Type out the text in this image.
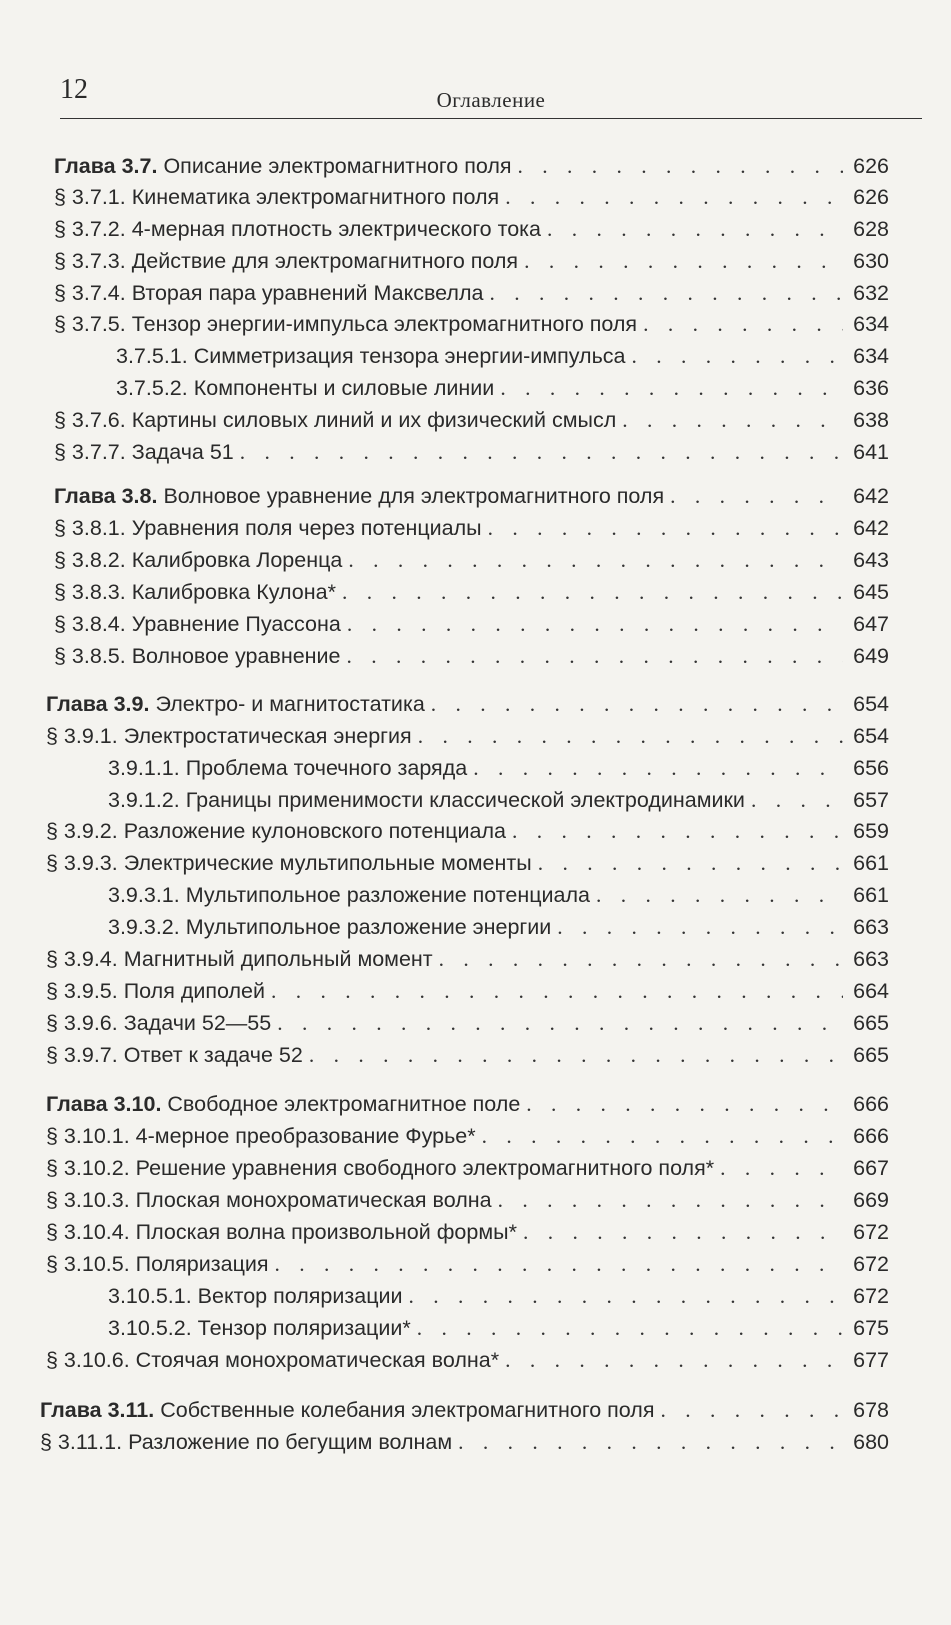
12	Оглавление
Глава 3.7. Описание электромагнитного поля . . .	626
§ 3.7.1. Кинематика электромагнитного поля . . .	626
§ 3.7.2. 4-мерная плотность электрического тока . . .	628
§ 3.7.3. Действие для электромагнитного поля . . .	630
§ 3.7.4. Вторая пара уравнений Максвелла . . .	632
§ 3.7.5. Тензор энергии-импульса электромагнитного поля . . .	634
3.7.5.1. Симметризация тензора энергии-импульса . . .	634
3.7.5.2. Компоненты и силовые линии . . .	636
§ 3.7.6. Картины силовых линий и их физический смысл . . .	638
§ 3.7.7. Задача 51 . . .	641
Глава 3.8. Волновое уравнение для электромагнитного поля . . .	642
§ 3.8.1. Уравнения поля через потенциалы . . .	642
§ 3.8.2. Калибровка Лоренца . . .	643
§ 3.8.3. Калибровка Кулона* . . .	645
§ 3.8.4. Уравнение Пуассона . . .	647
§ 3.8.5. Волновое уравнение . . .	649
Глава 3.9. Электро- и магнитостатика . . .	654
§ 3.9.1. Электростатическая энергия . . .	654
3.9.1.1. Проблема точечного заряда . . .	656
3.9.1.2. Границы применимости классической электродинамики . . .	657
§ 3.9.2. Разложение кулоновского потенциала . . .	659
§ 3.9.3. Электрические мультипольные моменты . . .	661
3.9.3.1. Мультипольное разложение потенциала . . .	661
3.9.3.2. Мультипольное разложение энергии . . .	663
§ 3.9.4. Магнитный дипольный момент . . .	663
§ 3.9.5. Поля диполей . . .	664
§ 3.9.6. Задачи 52—55 . . .	665
§ 3.9.7. Ответ к задаче 52 . . .	665
Глава 3.10. Свободное электромагнитное поле . . .	666
§ 3.10.1. 4-мерное преобразование Фурье* . . .	666
§ 3.10.2. Решение уравнения свободного электромагнитного поля* . . .	667
§ 3.10.3. Плоская монохроматическая волна . . .	669
§ 3.10.4. Плоская волна произвольной формы* . . .	672
§ 3.10.5. Поляризация . . .	672
3.10.5.1. Вектор поляризации . . .	672
3.10.5.2. Тензор поляризации* . . .	675
§ 3.10.6. Стоячая монохроматическая волна* . . .	677
Глава 3.11. Собственные колебания электромагнитного поля . . .	678
§ 3.11.1. Разложение по бегущим волнам . . .	680
